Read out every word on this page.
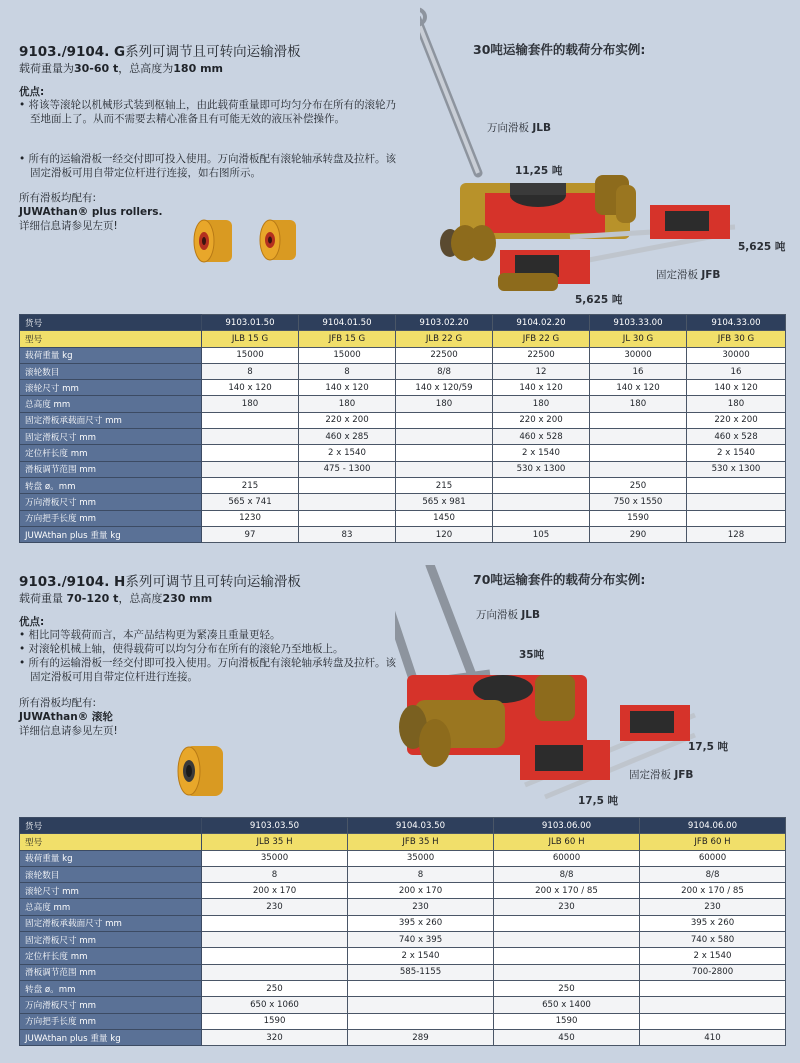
9103./9104. G系列可调节且可转向运输滑板
载荷重量为30-60 t，总高度为180 mm
优点:
• 将该等滚轮以机械形式装到枢轴上，由此载荷重量即可均匀分布在所有的滚轮乃至地面上了。从而不需要去精心准备且有可能无效的液压补偿操作。
• 所有的运输滑板一经交付即可投入使用。万向滑板配有滚轮轴承转盘及拉杆。该固定滑板可用自带定位杆进行连接，如右图所示。
所有滑板均配有:
JUWAthan® plus rollers.
详细信息请参见左页!
30吨运输套件的载荷分布实例:
万向滑板 JLB
11,25 吨
5,625 吨
固定滑板 JFB
5,625 吨
货号	9103.01.50	9104.01.50	9103.02.20	9104.02.20	9103.33.00	9104.33.00
型号	JLB 15 G	JFB 15 G	JLB 22 G	JFB 22 G	JL 30 G	JFB 30 G
载荷重量 kg	15000	15000	22500	22500	30000	30000
滚轮数目	8	8	8/8	12	16	16
滚轮尺寸 mm	140 x 120	140 x 120	140 x 120/59	140 x 120	140 x 120	140 x 120
总高度 mm	180	180	180	180	180	180
固定滑板承载面尺寸 mm		220 x 200		220 x 200		220 x 200
固定滑板尺寸 mm		460 x 285		460 x 528		460 x 528
定位杆长度 mm		2 x 1540		2 x 1540		2 x 1540
滑板调节范围 mm		475 - 1300		530 x 1300		530 x 1300
转盘 ø。mm	215		215		250	
万向滑板尺寸 mm	565 x 741		565 x 981		750 x 1550	
方向把手长度 mm	1230		1450		1590	
JUWAthan plus 重量 kg	97	83	120	105	290	128
9103./9104. H系列可调节且可转向运输滑板
载荷重量 70-120 t，总高度230 mm
优点:
• 相比同等载荷而言，本产品结构更为紧凑且重量更轻。
• 对滚轮机械上轴，使得载荷可以均匀分布在所有的滚轮乃至地板上。
• 所有的运输滑板一经交付即可投入使用。万向滑板配有滚轮轴承转盘及拉杆。该固定滑板可用自带定位杆进行连接。
所有滑板均配有:
JUWAthan® 滚轮
详细信息请参见左页!
70吨运输套件的载荷分布实例:
万向滑板 JLB
35吨
17,5 吨
固定滑板 JFB
17,5 吨
货号	9103.03.50	9104.03.50	9103.06.00	9104.06.00
型号	JLB 35 H	JFB 35 H	JLB 60 H	JFB 60 H
载荷重量 kg	35000	35000	60000	60000
滚轮数目	8	8	8/8	8/8
滚轮尺寸 mm	200 x 170	200 x 170	200 x 170 / 85	200 x 170 / 85
总高度 mm	230	230	230	230
固定滑板承载面尺寸 mm		395 x 260		395 x 260
固定滑板尺寸 mm		740 x 395		740 x 580
定位杆长度 mm		2 x 1540		2 x 1540
滑板调节范围 mm		585-1155		700-2800
转盘 ø。mm	250		250	
万向滑板尺寸 mm	650 x 1060		650 x 1400	
方向把手长度 mm	1590		1590	
JUWAthan plus 重量 kg	320	289	450	410
